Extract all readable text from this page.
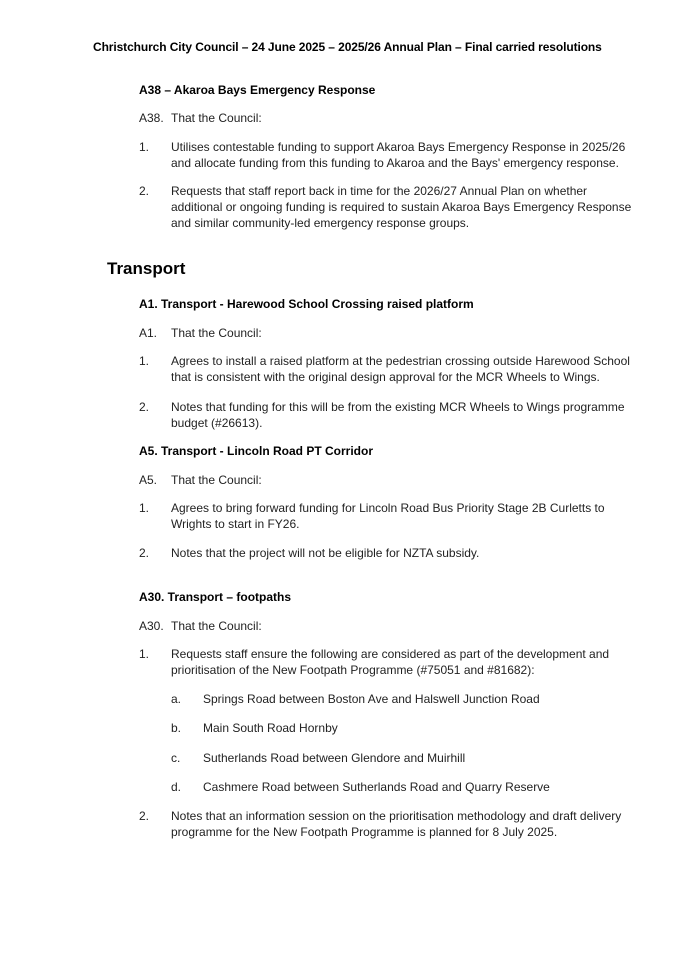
Christchurch City Council – 24 June 2025 – 2025/26 Annual Plan – Final carried resolutions
A38 – Akaroa Bays Emergency Response
A38. That the Council:
1. Utilises contestable funding to support Akaroa Bays Emergency Response in 2025/26
and allocate funding from this funding to Akaroa and the Bays' emergency response.
2. Requests that staff report back in time for the 2026/27 Annual Plan on whether
additional or ongoing funding is required to sustain Akaroa Bays Emergency Response
and similar community-led emergency response groups.
Transport
A1. Transport - Harewood School Crossing raised platform
A1. That the Council:
1. Agrees to install a raised platform at the pedestrian crossing outside Harewood School
that is consistent with the original design approval for the MCR Wheels to Wings.
2. Notes that funding for this will be from the existing MCR Wheels to Wings programme
budget (#26613).
A5. Transport - Lincoln Road PT Corridor
A5. That the Council:
1. Agrees to bring forward funding for Lincoln Road Bus Priority Stage 2B Curletts to
Wrights to start in FY26.
2. Notes that the project will not be eligible for NZTA subsidy.
A30. Transport – footpaths
A30. That the Council:
1. Requests staff ensure the following are considered as part of the development and
prioritisation of the New Footpath Programme (#75051 and #81682):
a. Springs Road between Boston Ave and Halswell Junction Road
b. Main South Road Hornby
c. Sutherlands Road between Glendore and Muirhill
d. Cashmere Road between Sutherlands Road and Quarry Reserve
2. Notes that an information session on the prioritisation methodology and draft delivery
programme for the New Footpath Programme is planned for 8 July 2025.
